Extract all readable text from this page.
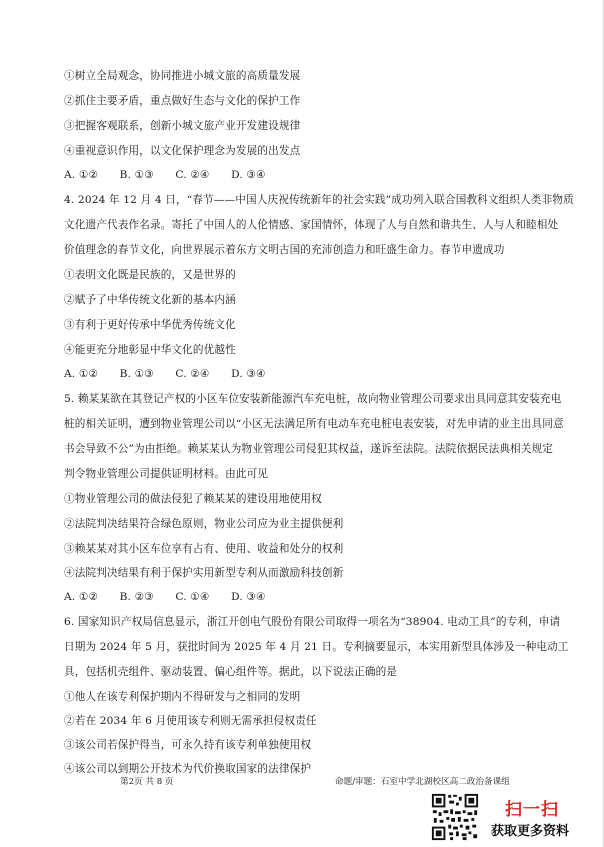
①树立全局观念，协同推进小城文旅的高质量发展
②抓住主要矛盾，重点做好生态与文化的保护工作
③把握客观联系，创新小城文旅产业开发建设规律
④重视意识作用，以文化保护理念为发展的出发点
A. ①②　　B. ①③　　C. ②④　　D. ③④
4. 2024 年 12 月 4 日，“春节——中国人庆祝传统新年的社会实践”成功列入联合国教科文组织人类非物质
文化遗产代表作名录。寄托了中国人的人伦情感、家国情怀，体现了人与自然和谐共生、人与人和睦相处
价值理念的春节文化，向世界展示着东方文明古国的充沛创造力和旺盛生命力。春节申遗成功
①表明文化既是民族的，又是世界的
②赋予了中华传统文化新的基本内涵
③有利于更好传承中华优秀传统文化
④能更充分地彰显中华文化的优越性
A. ①②　　B. ①③　　C. ②④　　D. ③④
5. 赖某某欲在其登记产权的小区车位安装新能源汽车充电桩，故向物业管理公司要求出具同意其安装充电
桩的相关证明，遭到物业管理公司以“小区无法满足所有电动车充电桩电表安装，对先申请的业主出具同意
书会导致不公”为由拒绝。赖某某认为物业管理公司侵犯其权益，遂诉至法院。法院依据民法典相关规定
判令物业管理公司提供证明材料。由此可见
①物业管理公司的做法侵犯了赖某某的建设用地使用权
②法院判决结果符合绿色原则，物业公司应为业主提供便利
③赖某某对其小区车位享有占有、使用、收益和处分的权利
④法院判决结果有利于保护实用新型专利从而激励科技创新
A. ①②　　B. ②③　　C. ①④　　D. ③④
6. 国家知识产权局信息显示，浙江开创电气股份有限公司取得一项名为“38904. 电动工具”的专利，申请
日期为 2024 年 5 月，获批时间为 2025 年 4 月 21 日。专利摘要显示，本实用新型具体涉及一种电动工
具，包括机壳组件、驱动装置、偏心组件等。据此，以下说法正确的是
①他人在该专利保护期内不得研发与之相同的发明
②若在 2034 年 6 月使用该专利则无需承担侵权责任
第2页 共 8 页	命题/审题：石室中学北湖校区高二政治备课组
扫一扫
获取更多资料
③该公司若保护得当，可永久持有该专利单独使用权
④该公司以到期公开技术为代价换取国家的法律保护
